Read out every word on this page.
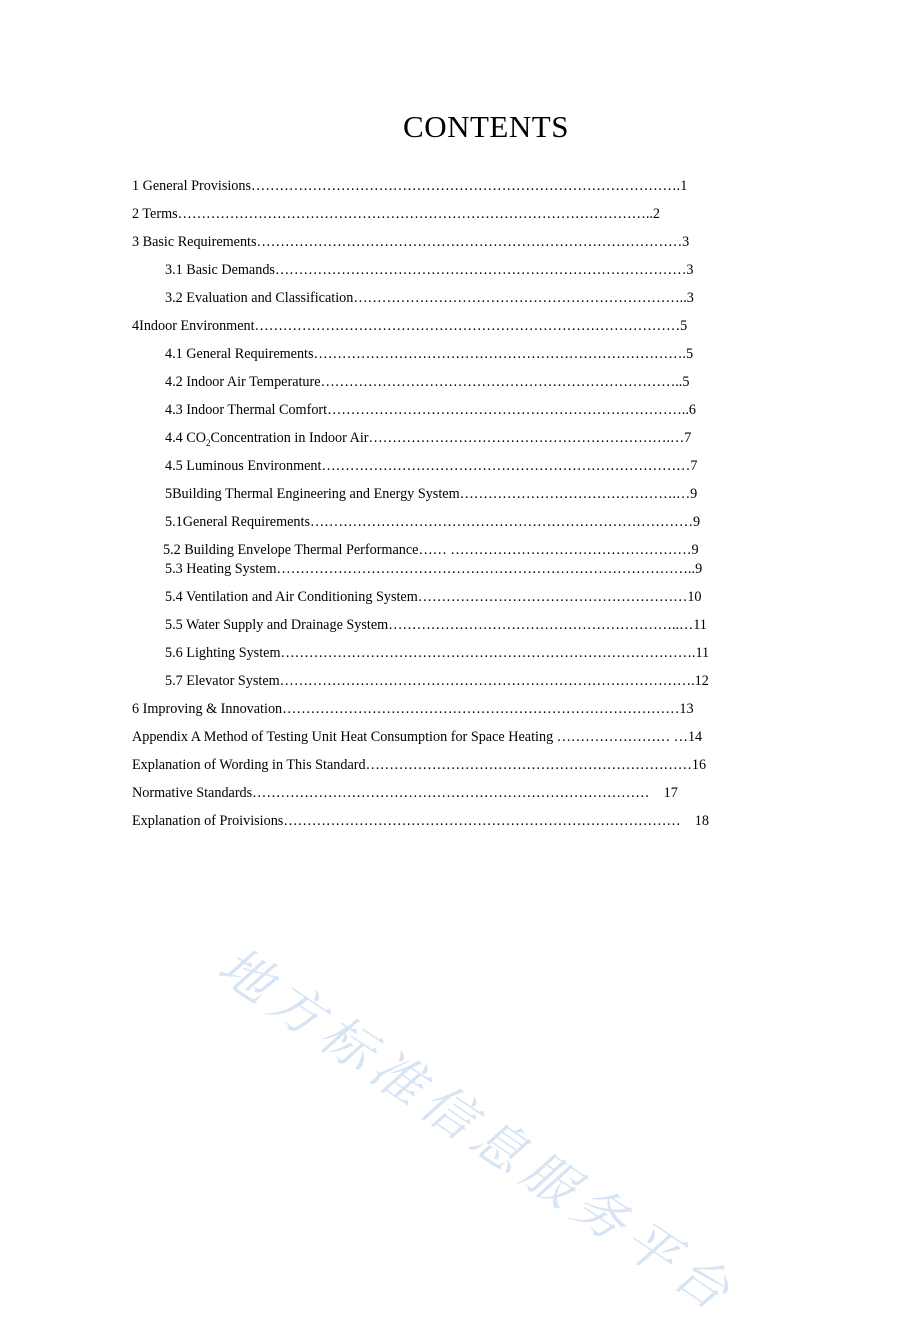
CONTENTS
1 General Provisions……………………………………………………………………………….1
2 Terms………………………………………………………………………………………..2
3 Basic Requirements………………………………………………………………………………3
3.1 Basic Demands……………………………………………………………………………3
3.2 Evaluation and Classification……………………………………………………………..3
4Indoor Environment………………………………………………………………………………5
4.1 General Requirements…………………………………………………………………….5
4.2 Indoor Air Temperature…………………………………………………………………..5
4.3 Indoor Thermal Comfort…………………………………………………………………..6
4.4 $CO_2Concentration$ in Indoor Air……………………………………………………….…7
4.5 Luminous Environment……………………………………………………………………7
5Building Thermal Engineering and Energy System……………………………………….…9
5.1General Requirements………………………………………………………………………9
5.2 Building Envelope Thermal Performance…… ……………………………………………9
5.3 Heating System……………………………………………………………………………..9
5.4 Ventilation and Air Conditioning System…………………………………………………10
5.5 Water Supply and Drainage System……………………………………………………..…11
5.6 Lighting System…………………………………………………………………………….11
5.7 Elevator System…………………………………………………………………………….12
6 Improving & Innovation…………………………………………………………………………13
Appendix A Method of Testing Unit Heat Consumption for Space Heating …………………… …14
Explanation of Wording in This Standard……………………………………………………………16
Normative Standards…………………………………………………………………………    17
Explanation of Proivisions…………………………………………………………………………    18
地方标准信息服务平台
